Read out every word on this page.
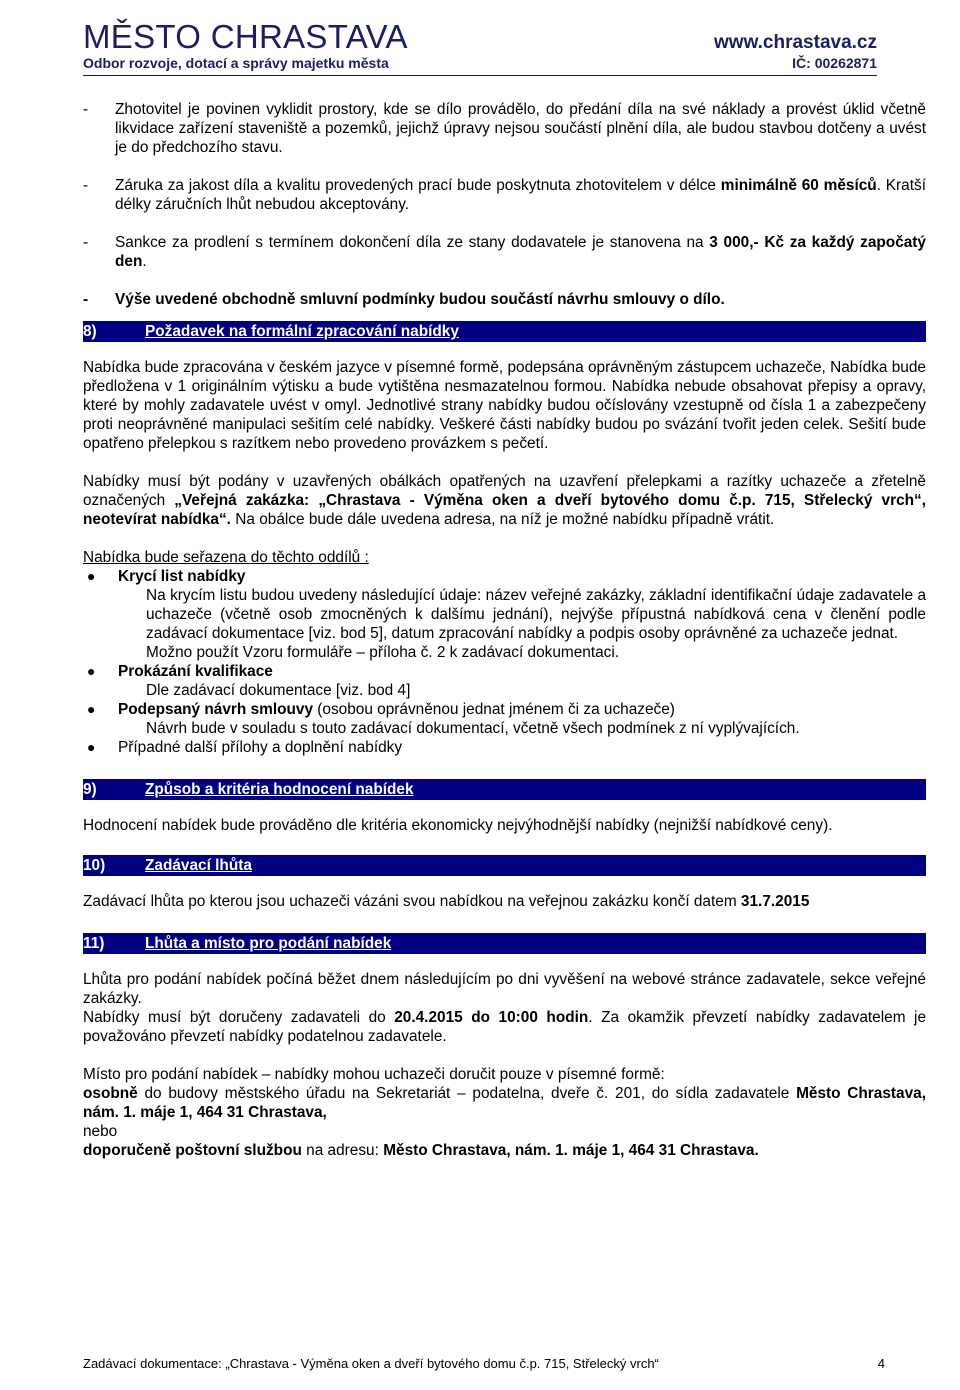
MĚSTO CHRASTAVA
Odbor rozvoje, dotací a správy majetku města
www.chrastava.cz
IČ: 00262871

- Zhotovitel je povinen vyklidit prostory, kde se dílo provádělo, do předání díla na své náklady a provést úklid včetně likvidace zařízení staveniště a pozemků, jejichž úpravy nejsou součástí plnění díla, ale budou stavbou dotčeny a uvést je do předchozího stavu.

- Záruka za jakost díla a kvalitu provedených prací bude poskytnuta zhotovitelem v délce minimálně 60 měsíců. Kratší délky záručních lhůt nebudou akceptovány.

- Sankce za prodlení s termínem dokončení díla ze stany dodavatele je stanovena na 3 000,- Kč za každý započatý den.

- Výše uvedené obchodně smluvní podmínky budou součástí návrhu smlouvy o dílo.

8)	Požadavek na formální zpracování nabídky

Nabídka bude zpracována v českém jazyce v písemné formě, podepsána oprávněným zástupcem uchazeče, Nabídka bude předložena v 1 originálním výtisku a bude vytištěna nesmazatelnou formou. Nabídka nebude obsahovat přepisy a opravy, které by mohly zadavatele uvést v omyl. Jednotlivé strany nabídky budou očíslovány vzestupně od čísla 1 a zabezpečeny proti neoprávněné manipulaci sešitím celé nabídky. Veškeré části nabídky budou po svázání tvořit jeden celek. Sešití bude opatřeno přelepkou s razítkem nebo provedeno provázkem s pečetí.

Nabídky musí být podány v uzavřených obálkách opatřených na uzavření přelepkami a razítky uchazeče a zřetelně označených „Veřejná zakázka: „Chrastava - Výměna oken a dveří bytového domu č.p. 715, Střelecký vrch“, neotevírat nabídka“. Na obálce bude dále uvedena adresa, na níž je možné nabídku případně vrátit.

Nabídka bude seřazena do těchto oddílů :

● Krycí list nabídky

Na krycím listu budou uvedeny následující údaje: název veřejné zakázky, základní identifikační údaje zadavatele a uchazeče (včetně osob zmocněných k dalšímu jednání), nejvýše přípustná nabídková cena v členění podle zadávací dokumentace [viz. bod 5], datum zpracování nabídky a podpis osoby oprávněné za uchazeče jednat.

Možno použít Vzoru formuláře – příloha č. 2 k zadávací dokumentaci.

● Prokázání kvalifikace

Dle zadávací dokumentace [viz. bod 4]

● Podepsaný návrh smlouvy (osobou oprávněnou jednat jménem či za uchazeče)

Návrh bude v souladu s touto zadávací dokumentací, včetně všech podmínek z ní vyplývajících.

● Případné další přílohy a doplnění nabídky

9)	Způsob a kritéria hodnocení nabídek

Hodnocení nabídek bude prováděno dle kritéria ekonomicky nejvýhodnější nabídky (nejnižší nabídkové ceny).

10)	Zadávací lhůta

Zadávací lhůta po kterou jsou uchazeči vázáni svou nabídkou na veřejnou zakázku končí datem 31.7.2015

11)	Lhůta a místo pro podání nabídek

Lhůta pro podání nabídek počíná běžet dnem následujícím po dni vyvěšení na webové stránce zadavatele, sekce veřejné zakázky.

Nabídky musí být doručeny zadavateli do 20.4.2015 do 10:00 hodin. Za okamžik převzetí nabídky zadavatelem je považováno převzetí nabídky podatelnou zadavatele.

Místo pro podání nabídek – nabídky mohou uchazeči doručit pouze v písemné formě:

osobně do budovy městského úřadu na Sekretariát – podatelna, dveře č. 201, do sídla zadavatele Město Chrastava, nám. 1. máje 1, 464 31 Chrastava,

nebo

doporučeně poštovní službou na adresu: Město Chrastava, nám. 1. máje 1, 464 31 Chrastava.

Zadávací dokumentace: „Chrastava - Výměna oken a dveří bytového domu č.p. 715, Střelecký vrch“	4
